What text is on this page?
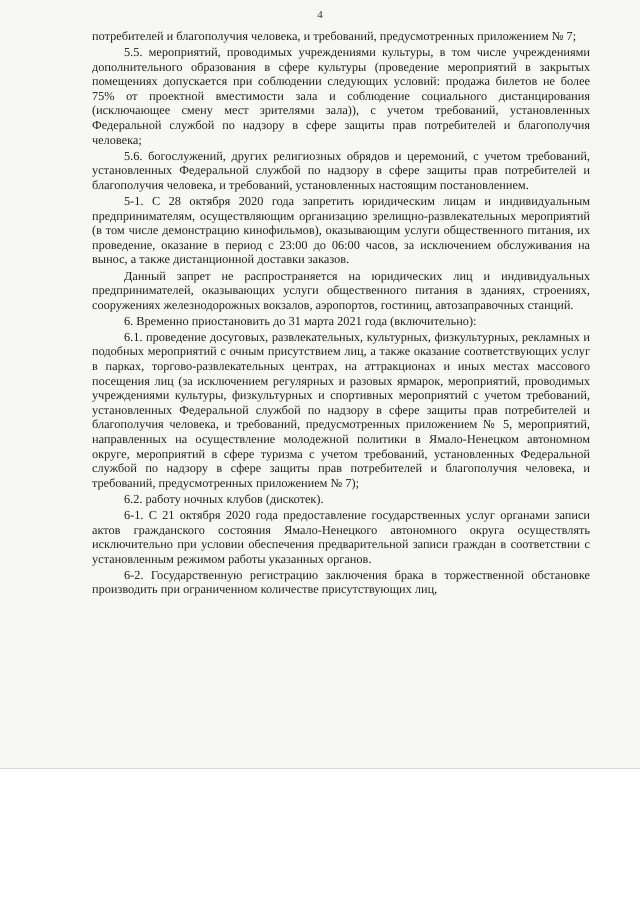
4

потребителей и благополучия человека, и требований, предусмотренных приложением № 7;

5.5. мероприятий, проводимых учреждениями культуры, в том числе учреждениями дополнительного образования в сфере культуры (проведение мероприятий в закрытых помещениях допускается при соблюдении следующих условий: продажа билетов не более 75% от проектной вместимости зала и соблюдение социального дистанцирования (исключающее смену мест зрителями зала)), с учетом требований, установленных Федеральной службой по надзору в сфере защиты прав потребителей и благополучия человека;

5.6. богослужений, других религиозных обрядов и церемоний, с учетом требований, установленных Федеральной службой по надзору в сфере защиты прав потребителей и благополучия человека, и требований, установленных настоящим постановлением.

5-1. С 28 октября 2020 года запретить юридическим лицам и индивидуальным предпринимателям, осуществляющим организацию зрелищно-развлекательных мероприятий (в том числе демонстрацию кинофильмов), оказывающим услуги общественного питания, их проведение, оказание в период с 23:00 до 06:00 часов, за исключением обслуживания на вынос, а также дистанционной доставки заказов.

Данный запрет не распространяется на юридических лиц и индивидуальных предпринимателей, оказывающих услуги общественного питания в зданиях, строениях, сооружениях железнодорожных вокзалов, аэропортов, гостиниц, автозаправочных станций.

6. Временно приостановить до 31 марта 2021 года (включительно):

6.1. проведение досуговых, развлекательных, культурных, физкультурных, рекламных и подобных мероприятий с очным присутствием лиц, а также оказание соответствующих услуг в парках, торгово-развлекательных центрах, на аттракционах и иных местах массового посещения лиц (за исключением регулярных и разовых ярмарок, мероприятий, проводимых учреждениями культуры, физкультурных и спортивных мероприятий с учетом требований, установленных Федеральной службой по надзору в сфере защиты прав потребителей и благополучия человека, и требований, предусмотренных приложением № 5, мероприятий, направленных на осуществление молодежной политики в Ямало-Ненецком автономном округе, мероприятий в сфере туризма с учетом требований, установленных Федеральной службой по надзору в сфере защиты прав потребителей и благополучия человека, и требований, предусмотренных приложением № 7);

6.2. работу ночных клубов (дискотек).

6-1. С 21 октября 2020 года предоставление государственных услуг органами записи актов гражданского состояния Ямало-Ненецкого автономного округа осуществлять исключительно при условии обеспечения предварительной записи граждан в соответствии с установленным режимом работы указанных органов.

6-2. Государственную регистрацию заключения брака в торжественной обстановке производить при ограниченном количестве присутствующих лиц,
